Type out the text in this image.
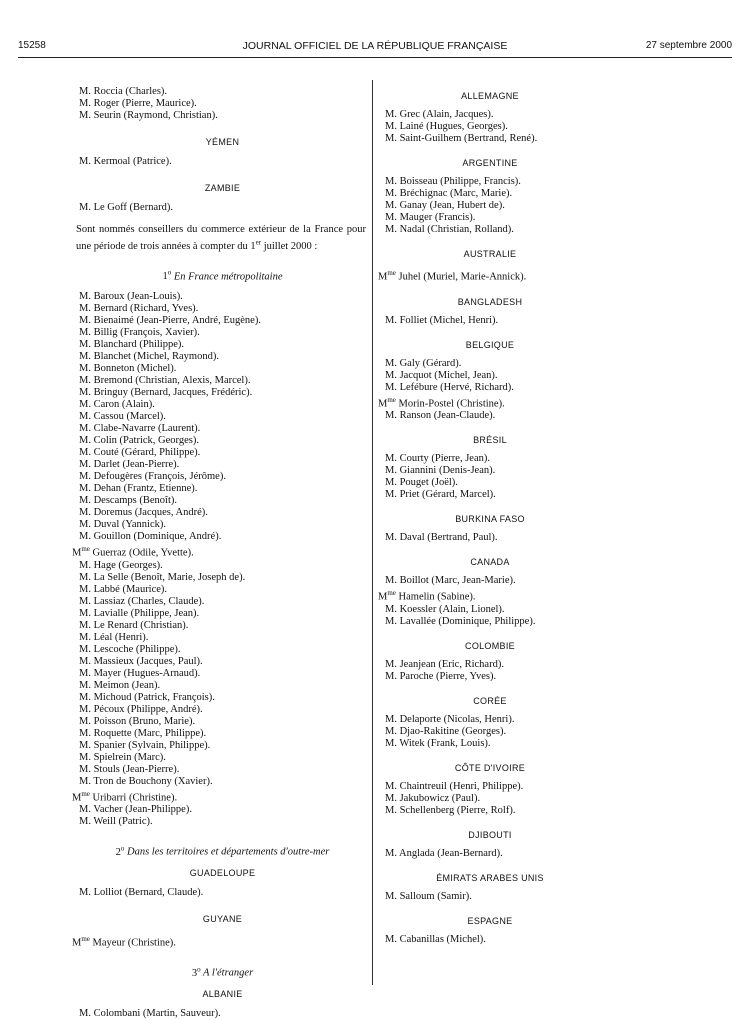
15258	JOURNAL OFFICIEL DE LA RÉPUBLIQUE FRANÇAISE	27 septembre 2000
M. Roccia (Charles).
M. Roger (Pierre, Maurice).
M. Seurin (Raymond, Christian).
YÉMEN
M. Kermoal (Patrice).
ZAMBIE
M. Le Goff (Bernard).
Sont nommés conseillers du commerce extérieur de la France pour une période de trois années à compter du 1er juillet 2000 :
1$^o$ En France métropolitaine
M. Baroux (Jean-Louis).
M. Bernard (Richard, Yves).
M. Bienaimé (Jean-Pierre, André, Eugène).
M. Billig (François, Xavier).
M. Blanchard (Philippe).
M. Blanchet (Michel, Raymond).
M. Bonneton (Michel).
M. Bremond (Christian, Alexis, Marcel).
M. Bringuy (Bernard, Jacques, Frédéric).
M. Caron (Alain).
M. Cassou (Marcel).
M. Clabe-Navarre (Laurent).
M. Colin (Patrick, Georges).
M. Couté (Gérard, Philippe).
M. Darlet (Jean-Pierre).
M. Defougères (François, Jérôme).
M. Dehan (Frantz, Etienne).
M. Descamps (Benoît).
M. Doremus (Jacques, André).
M. Duval (Yannick).
M. Gouillon (Dominique, André).
$M^{me}$ Guerraz (Odile, Yvette).
M. Hage (Georges).
M. La Selle (Benoît, Marie, Joseph de).
M. Labbé (Maurice).
M. Lassiaz (Charles, Claude).
M. Lavialle (Philippe, Jean).
M. Le Renard (Christian).
M. Léal (Henri).
M. Lescoche (Philippe).
M. Massieux (Jacques, Paul).
M. Mayer (Hugues-Arnaud).
M. Meimon (Jean).
M. Michoud (Patrick, François).
M. Pécoux (Philippe, André).
M. Poisson (Bruno, Marie).
M. Roquette (Marc, Philippe).
M. Spanier (Sylvain, Philippe).
M. Spielrein (Marc).
M. Stouls (Jean-Pierre).
M. Tron de Bouchony (Xavier).
$M^{me}$ Uribarri (Christine).
M. Vacher (Jean-Philippe).
M. Weill (Patric).
2$^o$ Dans les territoires et départements d'outre-mer
GUADELOUPE
M. Lolliot (Bernard, Claude).
GUYANE
$M^{me}$ Mayeur (Christine).
3$^o$ A l'étranger
ALBANIE
M. Colombani (Martin, Sauveur).
ALLEMAGNE
M. Grec (Alain, Jacques).
M. Lainé (Hugues, Georges).
M. Saint-Guilhem (Bertrand, René).
ARGENTINE
M. Boisseau (Philippe, Francis).
M. Bréchignac (Marc, Marie).
M. Ganay (Jean, Hubert de).
M. Mauger (Francis).
M. Nadal (Christian, Rolland).
AUSTRALIE
$M^{me}$ Juhel (Muriel, Marie-Annick).
BANGLADESH
M. Folliet (Michel, Henri).
BELGIQUE
M. Galy (Gérard).
M. Jacquot (Michel, Jean).
M. Lefébure (Hervé, Richard).
$M^{me}$ Morin-Postel (Christine).
M. Ranson (Jean-Claude).
BRÉSIL
M. Courty (Pierre, Jean).
M. Giannini (Denis-Jean).
M. Pouget (Joël).
M. Priet (Gérard, Marcel).
BURKINA FASO
M. Daval (Bertrand, Paul).
CANADA
M. Boillot (Marc, Jean-Marie).
$M^{me}$ Hamelin (Sabine).
M. Koessler (Alain, Lionel).
M. Lavallée (Dominique, Philippe).
COLOMBIE
M. Jeanjean (Eric, Richard).
M. Paroche (Pierre, Yves).
CORÉE
M. Delaporte (Nicolas, Henri).
M. Djao-Rakitine (Georges).
M. Witek (Frank, Louis).
CÔTE D'IVOIRE
M. Chaintreuil (Henri, Philippe).
M. Jakubowicz (Paul).
M. Schellenberg (Pierre, Rolf).
DJIBOUTI
M. Anglada (Jean-Bernard).
ÉMIRATS ARABES UNIS
M. Salloum (Samir).
ESPAGNE
M. Cabanillas (Michel).
